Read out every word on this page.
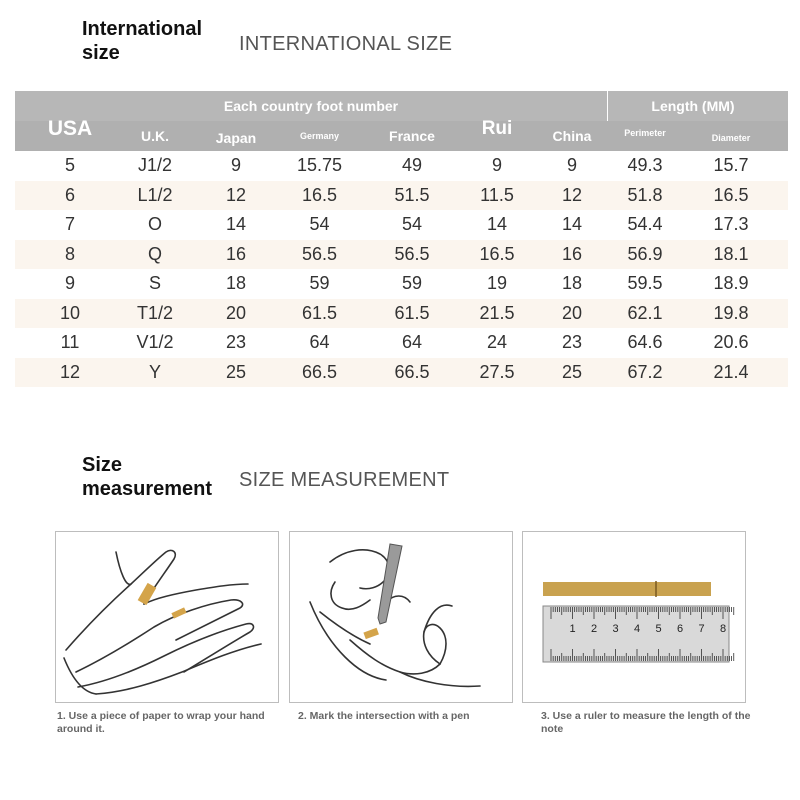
International size	INTERNATIONAL SIZE
Each country foot number	Length (MM)
USA	U.K.	Japan	Germany	France	Rui	China	Perimeter	Diameter
5	J1/2	9	15.75	49	9	9	49.3	15.7
6	L1/2	12	16.5	51.5	11.5	12	51.8	16.5
7	O	14	54	54	14	14	54.4	17.3
8	Q	16	56.5	56.5	16.5	16	56.9	18.1
9	S	18	59	59	19	18	59.5	18.9
10	T1/2	20	61.5	61.5	21.5	20	62.1	19.8
11	V1/2	23	64	64	24	23	64.6	20.6
12	Y	25	66.5	66.5	27.5	25	67.2	21.4
Size measurement	SIZE MEASUREMENT
1. Use a piece of paper to wrap your hand around it.
2. Mark the intersection with a pen
1 2 3 4 5 6 7 8
3. Use a ruler to measure the length of the note
